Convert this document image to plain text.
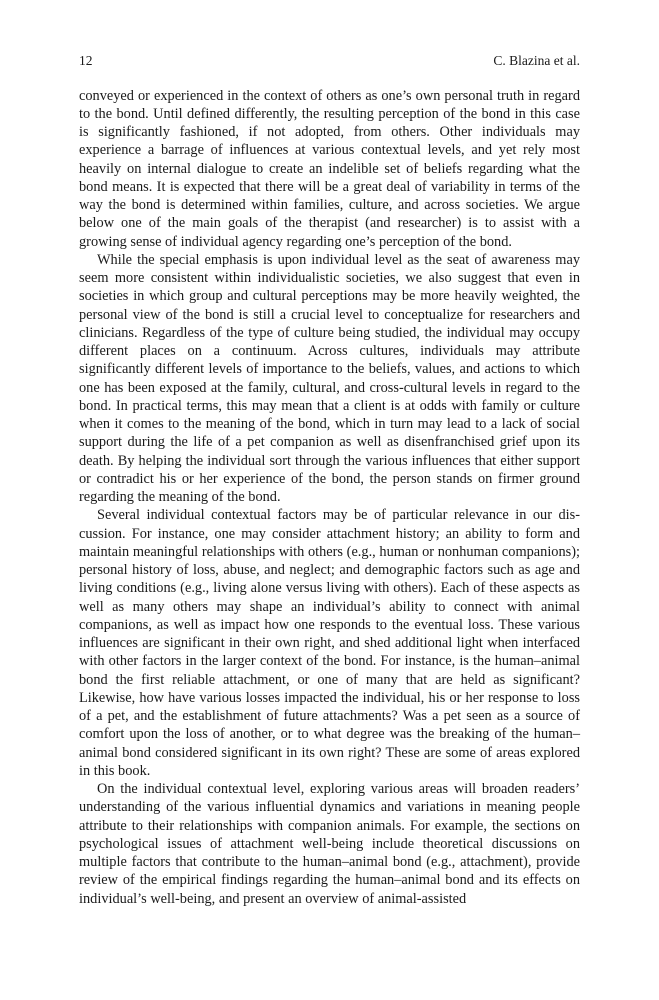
12	C. Blazina et al.

conveyed or experienced in the context of others as one’s own personal truth in regard to the bond. Until defined differently, the resulting perception of the bond in this case is significantly fashioned, if not adopted, from others. Other individuals may experience a barrage of influences at various contextual levels, and yet rely most heavily on internal dialogue to create an indelible set of beliefs regarding what the bond means. It is expected that there will be a great deal of variability in terms of the way the bond is determined within families, culture, and across societies. We argue below one of the main goals of the therapist (and researcher) is to assist with a growing sense of individual agency regarding one’s perception of the bond.

While the special emphasis is upon individual level as the seat of awareness may seem more consistent within individualistic societies, we also suggest that even in societies in which group and cultural perceptions may be more heavily weighted, the personal view of the bond is still a crucial level to conceptualize for researchers and clinicians. Regardless of the type of culture being studied, the individual may occupy different places on a continuum. Across cultures, individuals may attribute significantly different levels of importance to the beliefs, values, and actions to which one has been exposed at the family, cultural, and cross-cultural levels in regard to the bond. In practical terms, this may mean that a client is at odds with family or culture when it comes to the meaning of the bond, which in turn may lead to a lack of social support during the life of a pet companion as well as disenfranchised grief upon its death. By helping the individual sort through the various influences that either support or contradict his or her experience of the bond, the person stands on firmer ground regarding the meaning of the bond.

Several individual contextual factors may be of particular relevance in our discussion. For instance, one may consider attachment history; an ability to form and maintain meaningful relationships with others (e.g., human or nonhuman companions); personal history of loss, abuse, and neglect; and demographic factors such as age and living conditions (e.g., living alone versus living with others). Each of these aspects as well as many others may shape an individual’s ability to connect with animal companions, as well as impact how one responds to the eventual loss. These various influences are significant in their own right, and shed additional light when interfaced with other factors in the larger context of the bond. For instance, is the human–animal bond the first reliable attachment, or one of many that are held as significant? Likewise, how have various losses impacted the individual, his or her response to loss of a pet, and the establishment of future attachments? Was a pet seen as a source of comfort upon the loss of another, or to what degree was the breaking of the human–animal bond considered significant in its own right? These are some of areas explored in this book.

On the individual contextual level, exploring various areas will broaden readers’ understanding of the various influential dynamics and variations in meaning people attribute to their relationships with companion animals. For example, the sections on psychological issues of attachment well-being include theoretical discussions on multiple factors that contribute to the human–animal bond (e.g., attachment), provide review of the empirical findings regarding the human–animal bond and its effects on individual’s well-being, and present an overview of animal-assisted
